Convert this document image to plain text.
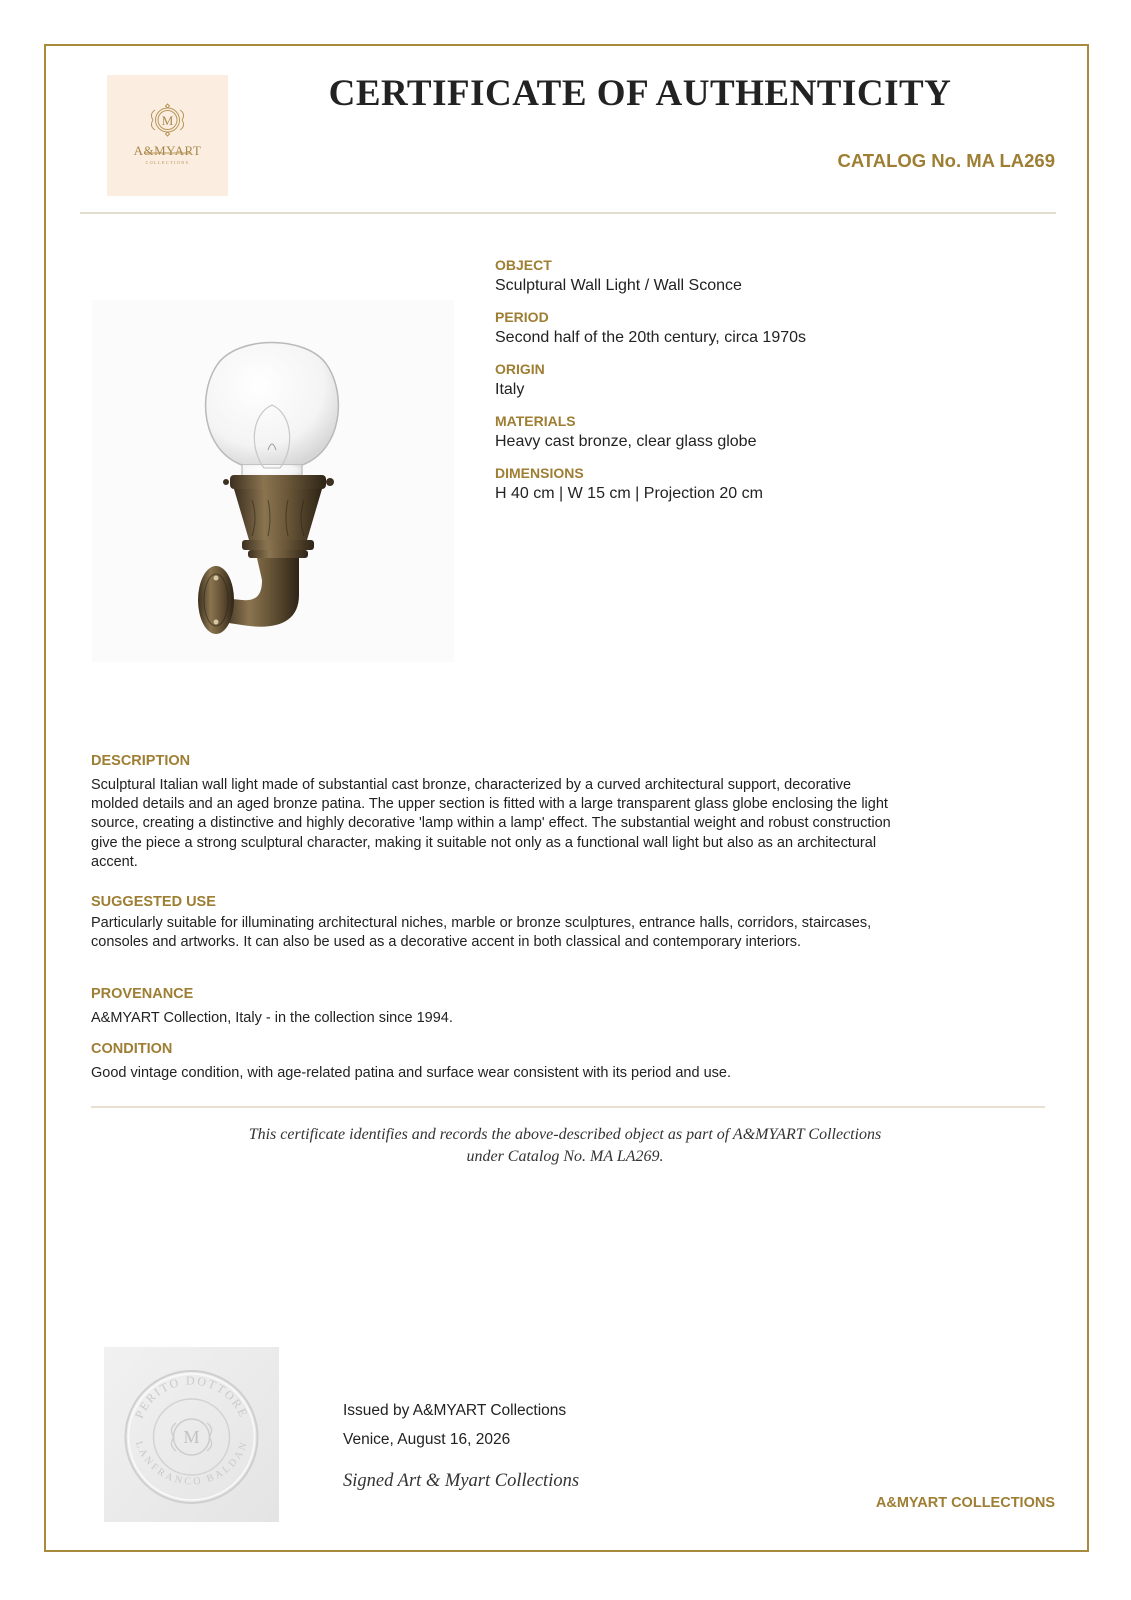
M
A&MYART
COLLECTIONS
CERTIFICATE OF AUTHENTICITY
CATALOG No. MA LA269
OBJECT
Sculptural Wall Light / Wall Sconce
PERIOD
Second half of the 20th century, circa 1970s
ORIGIN
Italy
MATERIALS
Heavy cast bronze, clear glass globe
DIMENSIONS
H 40 cm | W 15 cm | Projection 20 cm
DESCRIPTION
Sculptural Italian wall light made of substantial cast bronze, characterized by a curved architectural support, decorative molded details and an aged bronze patina. The upper section is fitted with a large transparent glass globe enclosing the light source, creating a distinctive and highly decorative 'lamp within a lamp' effect. The substantial weight and robust construction give the piece a strong sculptural character, making it suitable not only as a functional wall light but also as an architectural accent.
SUGGESTED USE
Particularly suitable for illuminating architectural niches, marble or bronze sculptures, entrance halls, corridors, staircases, consoles and artworks. It can also be used as a decorative accent in both classical and contemporary interiors.
PROVENANCE
A&MYART Collection, Italy - in the collection since 1994.
CONDITION
Good vintage condition, with age-related patina and surface wear consistent with its period and use.
This certificate identifies and records the above-described object as part of A&MYART Collections
under Catalog No. MA LA269.
PERITO DOTTORE
LANFRANCO BALDAN
M
Issued by A&MYART Collections
Venice, August 16, 2026
Signed Art & Myart Collections
A&MYART COLLECTIONS
